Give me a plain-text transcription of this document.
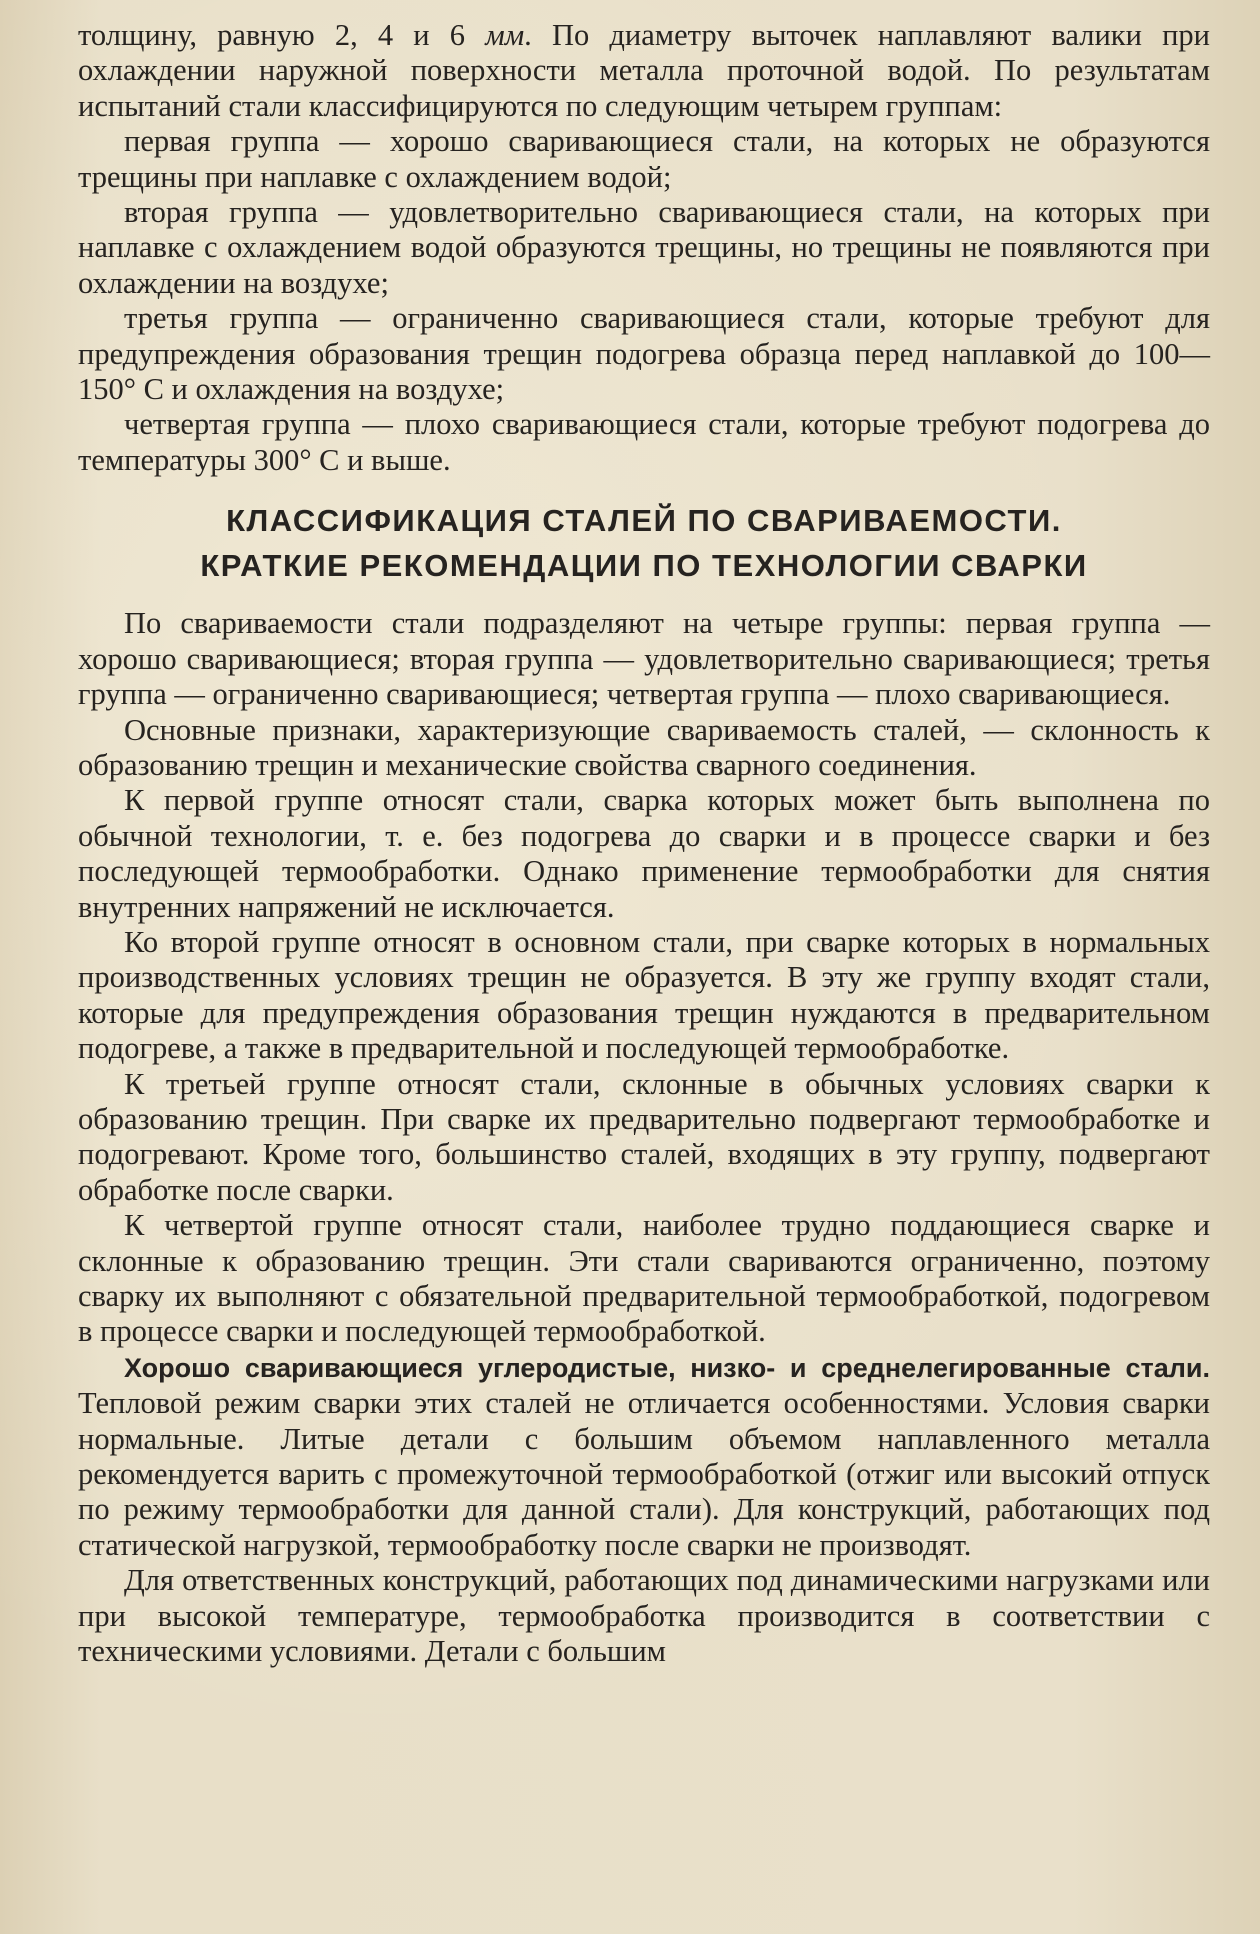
толщину, равную 2, 4 и 6 мм. По диаметру выточек наплавляют валики при охлаждении наружной поверхности металла проточной водой. По результатам испытаний стали классифицируются по следующим четырем группам:

первая группа — хорошо сваривающиеся стали, на которых не образуются трещины при наплавке с охлаждением водой;

вторая группа — удовлетворительно сваривающиеся стали, на которых при наплавке с охлаждением водой образуются трещины, но трещины не появляются при охлаждении на воздухе;

третья группа — ограниченно сваривающиеся стали, которые требуют для предупреждения образования трещин подогрева образца перед наплавкой до 100—150° С и охлаждения на воздухе;

четвертая группа — плохо сваривающиеся стали, которые требуют подогрева до температуры 300° С и выше.

КЛАССИФИКАЦИЯ СТАЛЕЙ ПО СВАРИВАЕМОСТИ.
КРАТКИЕ РЕКОМЕНДАЦИИ ПО ТЕХНОЛОГИИ СВАРКИ

По свариваемости стали подразделяют на четыре группы: первая группа — хорошо сваривающиеся; вторая группа — удовлетворительно сваривающиеся; третья группа — ограниченно сваривающиеся; четвертая группа — плохо сваривающиеся.

Основные признаки, характеризующие свариваемость сталей, — склонность к образованию трещин и механические свойства сварного соединения.

К первой группе относят стали, сварка которых может быть выполнена по обычной технологии, т. е. без подогрева до сварки и в процессе сварки и без последующей термообработки. Однако применение термообработки для снятия внутренних напряжений не исключается.

Ко второй группе относят в основном стали, при сварке которых в нормальных производственных условиях трещин не образуется. В эту же группу входят стали, которые для предупреждения образования трещин нуждаются в предварительном подогреве, а также в предварительной и последующей термообработке.

К третьей группе относят стали, склонные в обычных условиях сварки к образованию трещин. При сварке их предварительно подвергают термообработке и подогревают. Кроме того, большинство сталей, входящих в эту группу, подвергают обработке после сварки.

К четвертой группе относят стали, наиболее трудно поддающиеся сварке и склонные к образованию трещин. Эти стали свариваются ограниченно, поэтому сварку их выполняют с обязательной предварительной термообработкой, подогревом в процессе сварки и последующей термообработкой.

Хорошо сваривающиеся углеродистые, низко- и среднелегированные стали. Тепловой режим сварки этих сталей не отличается особенностями. Условия сварки нормальные. Литые детали с большим объемом наплавленного металла рекомендуется варить с промежуточной термообработкой (отжиг или высокий отпуск по режиму термообработки для данной стали). Для конструкций, работающих под статической нагрузкой, термообработку после сварки не производят.

Для ответственных конструкций, работающих под динамическими нагрузками или при высокой температуре, термообработка производится в соответствии с техническими условиями. Детали с большим
